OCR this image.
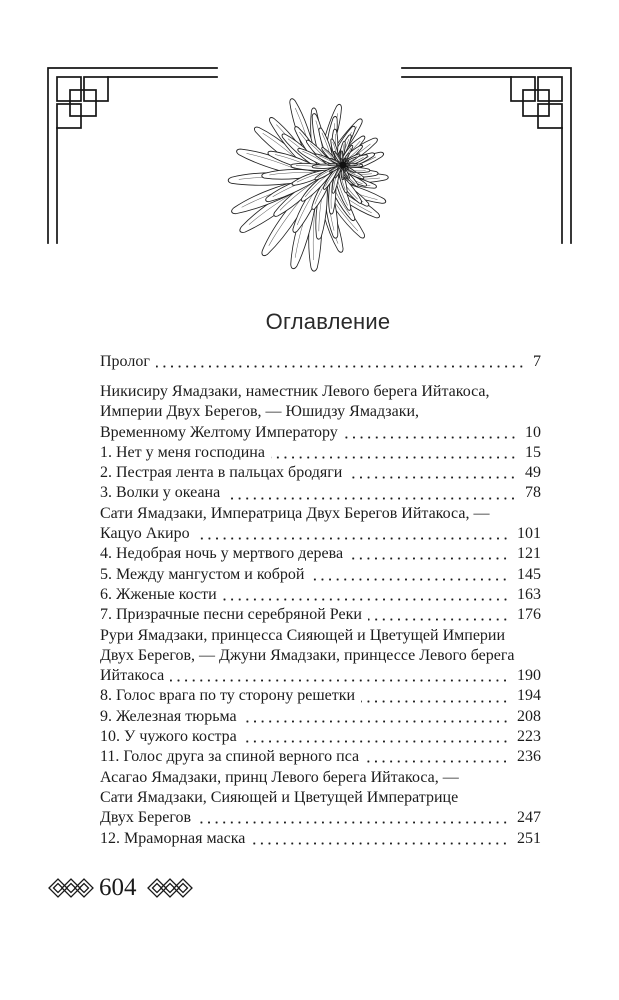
Оглавление
Пролог	7
Никисиру Ямадзаки, наместник Левого берега Ийтакоса,
Империи Двух Берегов, — Юшидзу Ямадзаки,
Временному Желтому Императору	10
1. Нет у меня господина	15
2. Пестрая лента в пальцах бродяги	49
3. Волки у океана	78
Сати Ямадзаки, Императрица Двух Берегов Ийтакоса, —
Кацуо Акиро	101
4. Недобрая ночь у мертвого дерева	121
5. Между мангустом и коброй	145
6. Жженые кости	163
7. Призрачные песни серебряной Реки	176
Рури Ямадзаки, принцесса Сияющей и Цветущей Империи
Двух Берегов, — Джуни Ямадзаки, принцессе Левого берега
Ийтакоса	190
8. Голос врага по ту сторону решетки	194
9. Железная тюрьма	208
10. У чужого костра	223
11. Голос друга за спиной верного пса	236
Асагао Ямадзаки, принц Левого берега Ийтакоса, —
Сати Ямадзаки, Сияющей и Цветущей Императрице
Двух Берегов	247
12. Мраморная маска	251
604
